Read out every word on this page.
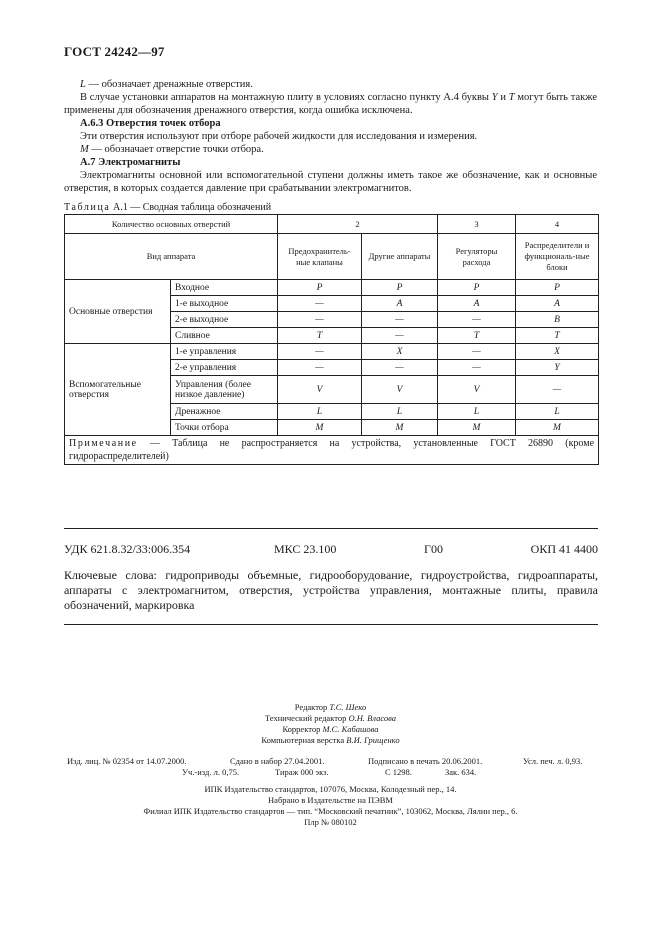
ГОСТ 24242—97

L — обозначает дренажные отверстия.

В случае установки аппаратов на монтажную плиту в условиях согласно пункту А.4 буквы Y и T могут быть также применены для обозначения дренажного отверстия, когда ошибка исключена.

А.6.3 Отверстия точек отбора

Эти отверстия используют при отборе рабочей жидкости для исследования и измерения.

M — обозначает отверстие точки отбора.

А.7 Электромагниты

Электромагниты основной или вспомогательной ступени должны иметь такое же обозначение, как и основные отверстия, в которых создается давление при срабатывании электромагнитов.

Таблица А.1 — Сводная таблица обозначений
Количество основных отверстий		2		3	4
Вид аппарата		Предохранитель-ные клапаны	Другие аппараты	Регуляторы расхода	Распределители и функциональ-ные блоки
Основные отверстия	Входное	P	P	P	P
	1-е выходное	—	A	A	A
	2-е выходное	—	—	—	B
	Сливное	T	—	T	T
Вспомогательные отверстия	1-е управления	—	X	—	X
	2-е управления	—	—	—	Y
	Управления (более низкое давление)	V	V	V	—
	Дренажное	L	L	L	L
	Точки отбора	M	M	M	M
Примечание — Таблица не распространяется на устройства, установленные ГОСТ 26890 (кроме гидрораспределителей)					
УДК 621.8.32/33:006.354	МКС 23.100	Г00	ОКП 41 4400
Ключевые слова: гидроприводы объемные, гидрооборудование, гидроустройства, гидроаппараты, аппараты с электромагнитом, отверстия, устройства управления, монтажные плиты, правила обозначений, маркировка
Редактор Т.С. Шеко
Технический редактор О.Н. Власова
Корректор М.С. Кабашова
Компьютерная верстка В.И. Грищенко
Изд. лиц. № 02354 от 14.07.2000.	Сдано в набор 27.04.2001.	Подписано в печать 20.06.2001.	Усл. печ. л. 0,93.
Уч.-изд. л. 0,75.	Тираж 000 экз.	С 1298.	Зак. 634.
ИПК Издательство стандартов, 107076, Москва, Колодезный пер., 14.
Набрано в Издательстве на ПЭВМ
Филиал ИПК Издательство стандартов — тип. “Московский печатник”, 103062, Москва, Лялин пер., 6.
Плр № 080102
